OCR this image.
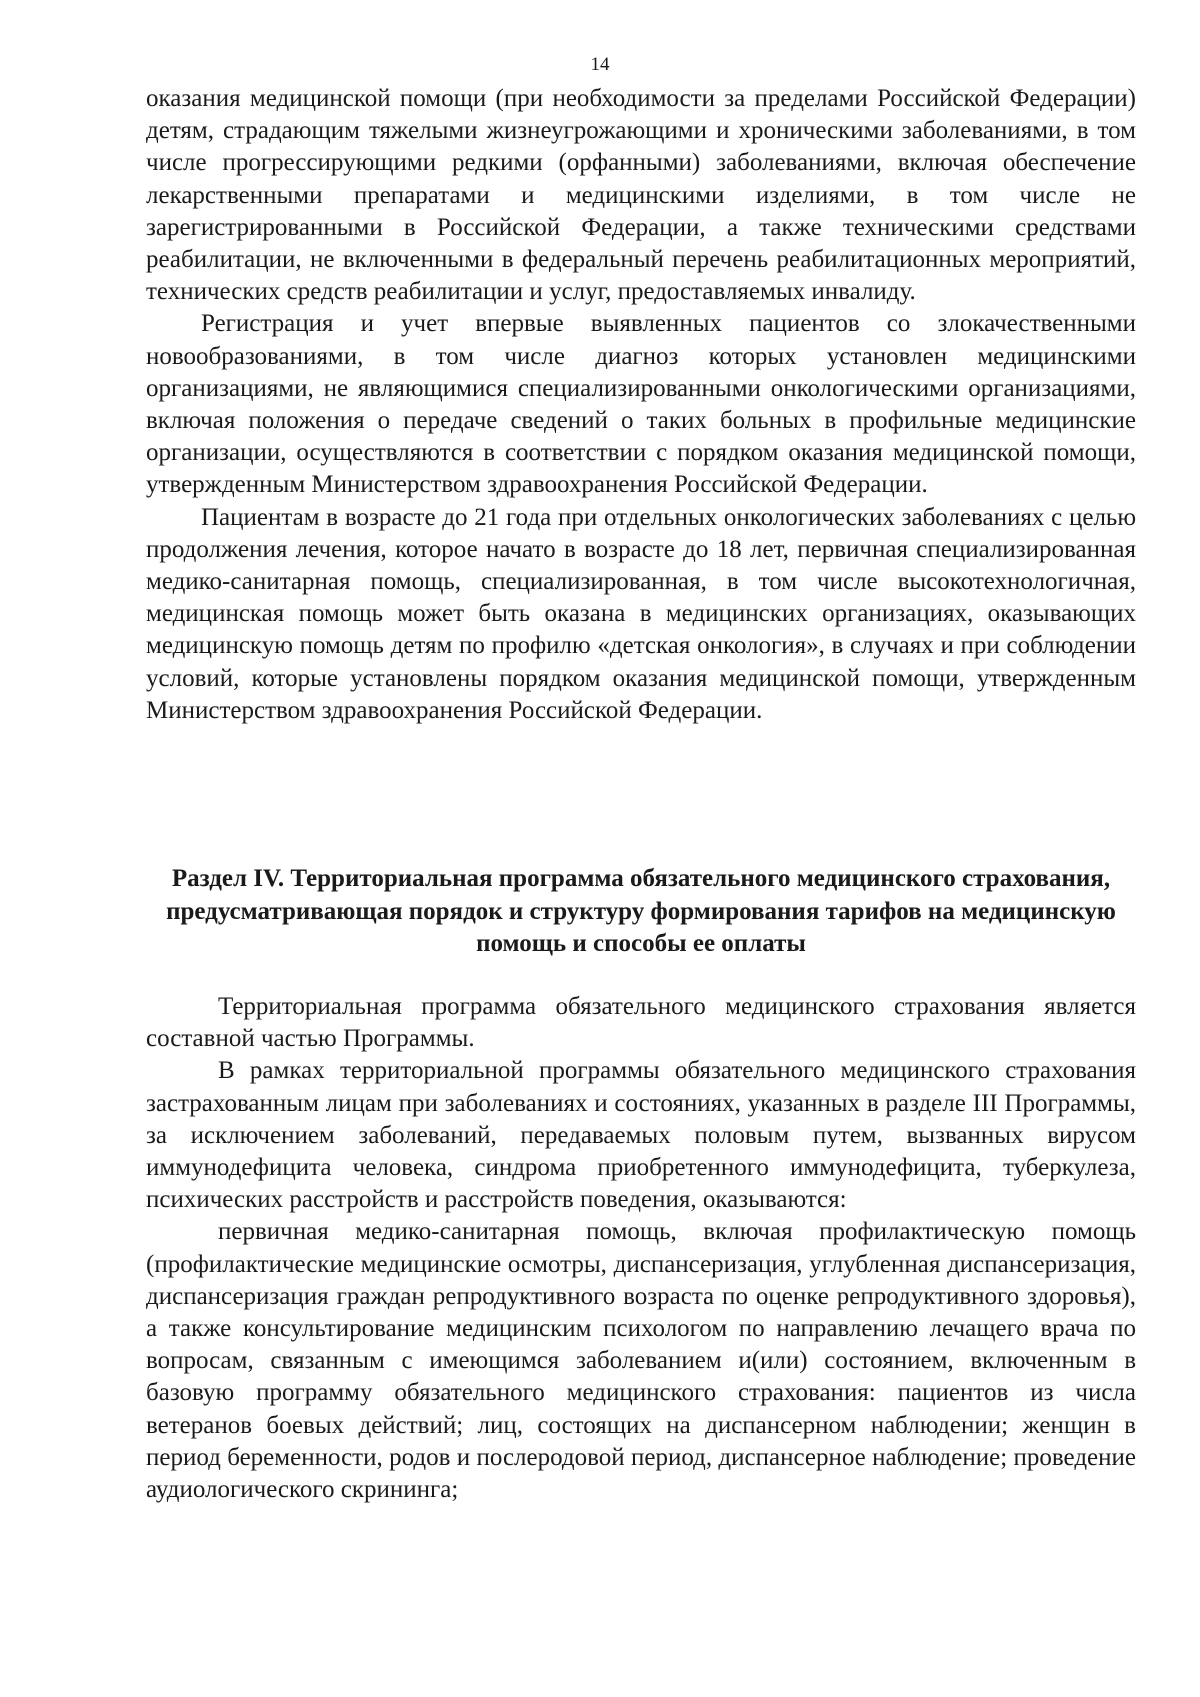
14

оказания медицинской помощи (при необходимости за пределами Российской Федерации) детям, страдающим тяжелыми жизнеугрожающими и хроническими заболеваниями, в том числе прогрессирующими редкими (орфанными) заболеваниями, включая обеспечение лекарственными препаратами и медицинскими изделиями, в том числе не зарегистрированными в Российской Федерации, а также техническими средствами реабилитации, не включенными в федеральный перечень реабилитационных мероприятий, технических средств реабилитации и услуг, предоставляемых инвалиду.

Регистрация и учет впервые выявленных пациентов со злокачественными новообразованиями, в том числе диагноз которых установлен медицинскими организациями, не являющимися специализированными онкологическими организациями, включая положения о передаче сведений о таких больных в профильные медицинские организации, осуществляются в соответствии с порядком оказания медицинской помощи, утвержденным Министерством здравоохранения Российской Федерации.

Пациентам в возрасте до 21 года при отдельных онкологических заболеваниях с целью продолжения лечения, которое начато в возрасте до 18 лет, первичная специализированная медико-санитарная помощь, специализированная, в том числе высокотехнологичная, медицинская помощь может быть оказана в медицинских организациях, оказывающих медицинскую помощь детям по профилю «детская онкология», в случаях и при соблюдении условий, которые установлены порядком оказания медицинской помощи, утвержденным Министерством здравоохранения Российской Федерации.

Раздел IV. Территориальная программа обязательного медицинского страхования, предусматривающая порядок и структуру формирования тарифов на медицинскую помощь и способы ее оплаты

Территориальная программа обязательного медицинского страхования является составной частью Программы.

В рамках территориальной программы обязательного медицинского страхования застрахованным лицам при заболеваниях и состояниях, указанных в разделе III Программы, за исключением заболеваний, передаваемых половым путем, вызванных вирусом иммунодефицита человека, синдрома приобретенного иммунодефицита, туберкулеза, психических расстройств и расстройств поведения, оказываются:

первичная медико-санитарная помощь, включая профилактическую помощь (профилактические медицинские осмотры, диспансеризация, углубленная диспансеризация, диспансеризация граждан репродуктивного возраста по оценке репродуктивного здоровья), а также консультирование медицинским психологом по направлению лечащего врача по вопросам, связанным с имеющимся заболеванием и(или) состоянием, включенным в базовую программу обязательного медицинского страхования: пациентов из числа ветеранов боевых действий; лиц, состоящих на диспансерном наблюдении; женщин в период беременности, родов и послеродовой период, диспансерное наблюдение; проведение аудиологического скрининга;
